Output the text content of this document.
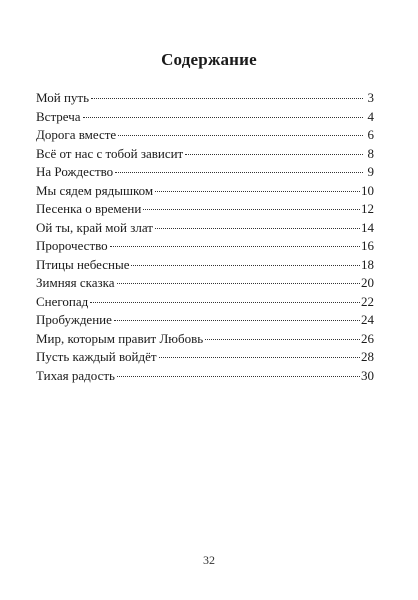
Содержание
Мой путь	3
Встреча	4
Дорога вместе	6
Всё от нас с тобой зависит	8
На Рождество	9
Мы сядем рядышком	10
Песенка о времени	12
Ой ты, край мой злат	14
Пророчество	16
Птицы небесные	18
Зимняя сказка	20
Снегопад	22
Пробуждение	24
Мир, которым правит Любовь	26
Пусть каждый войдёт	28
Тихая радость	30
32
